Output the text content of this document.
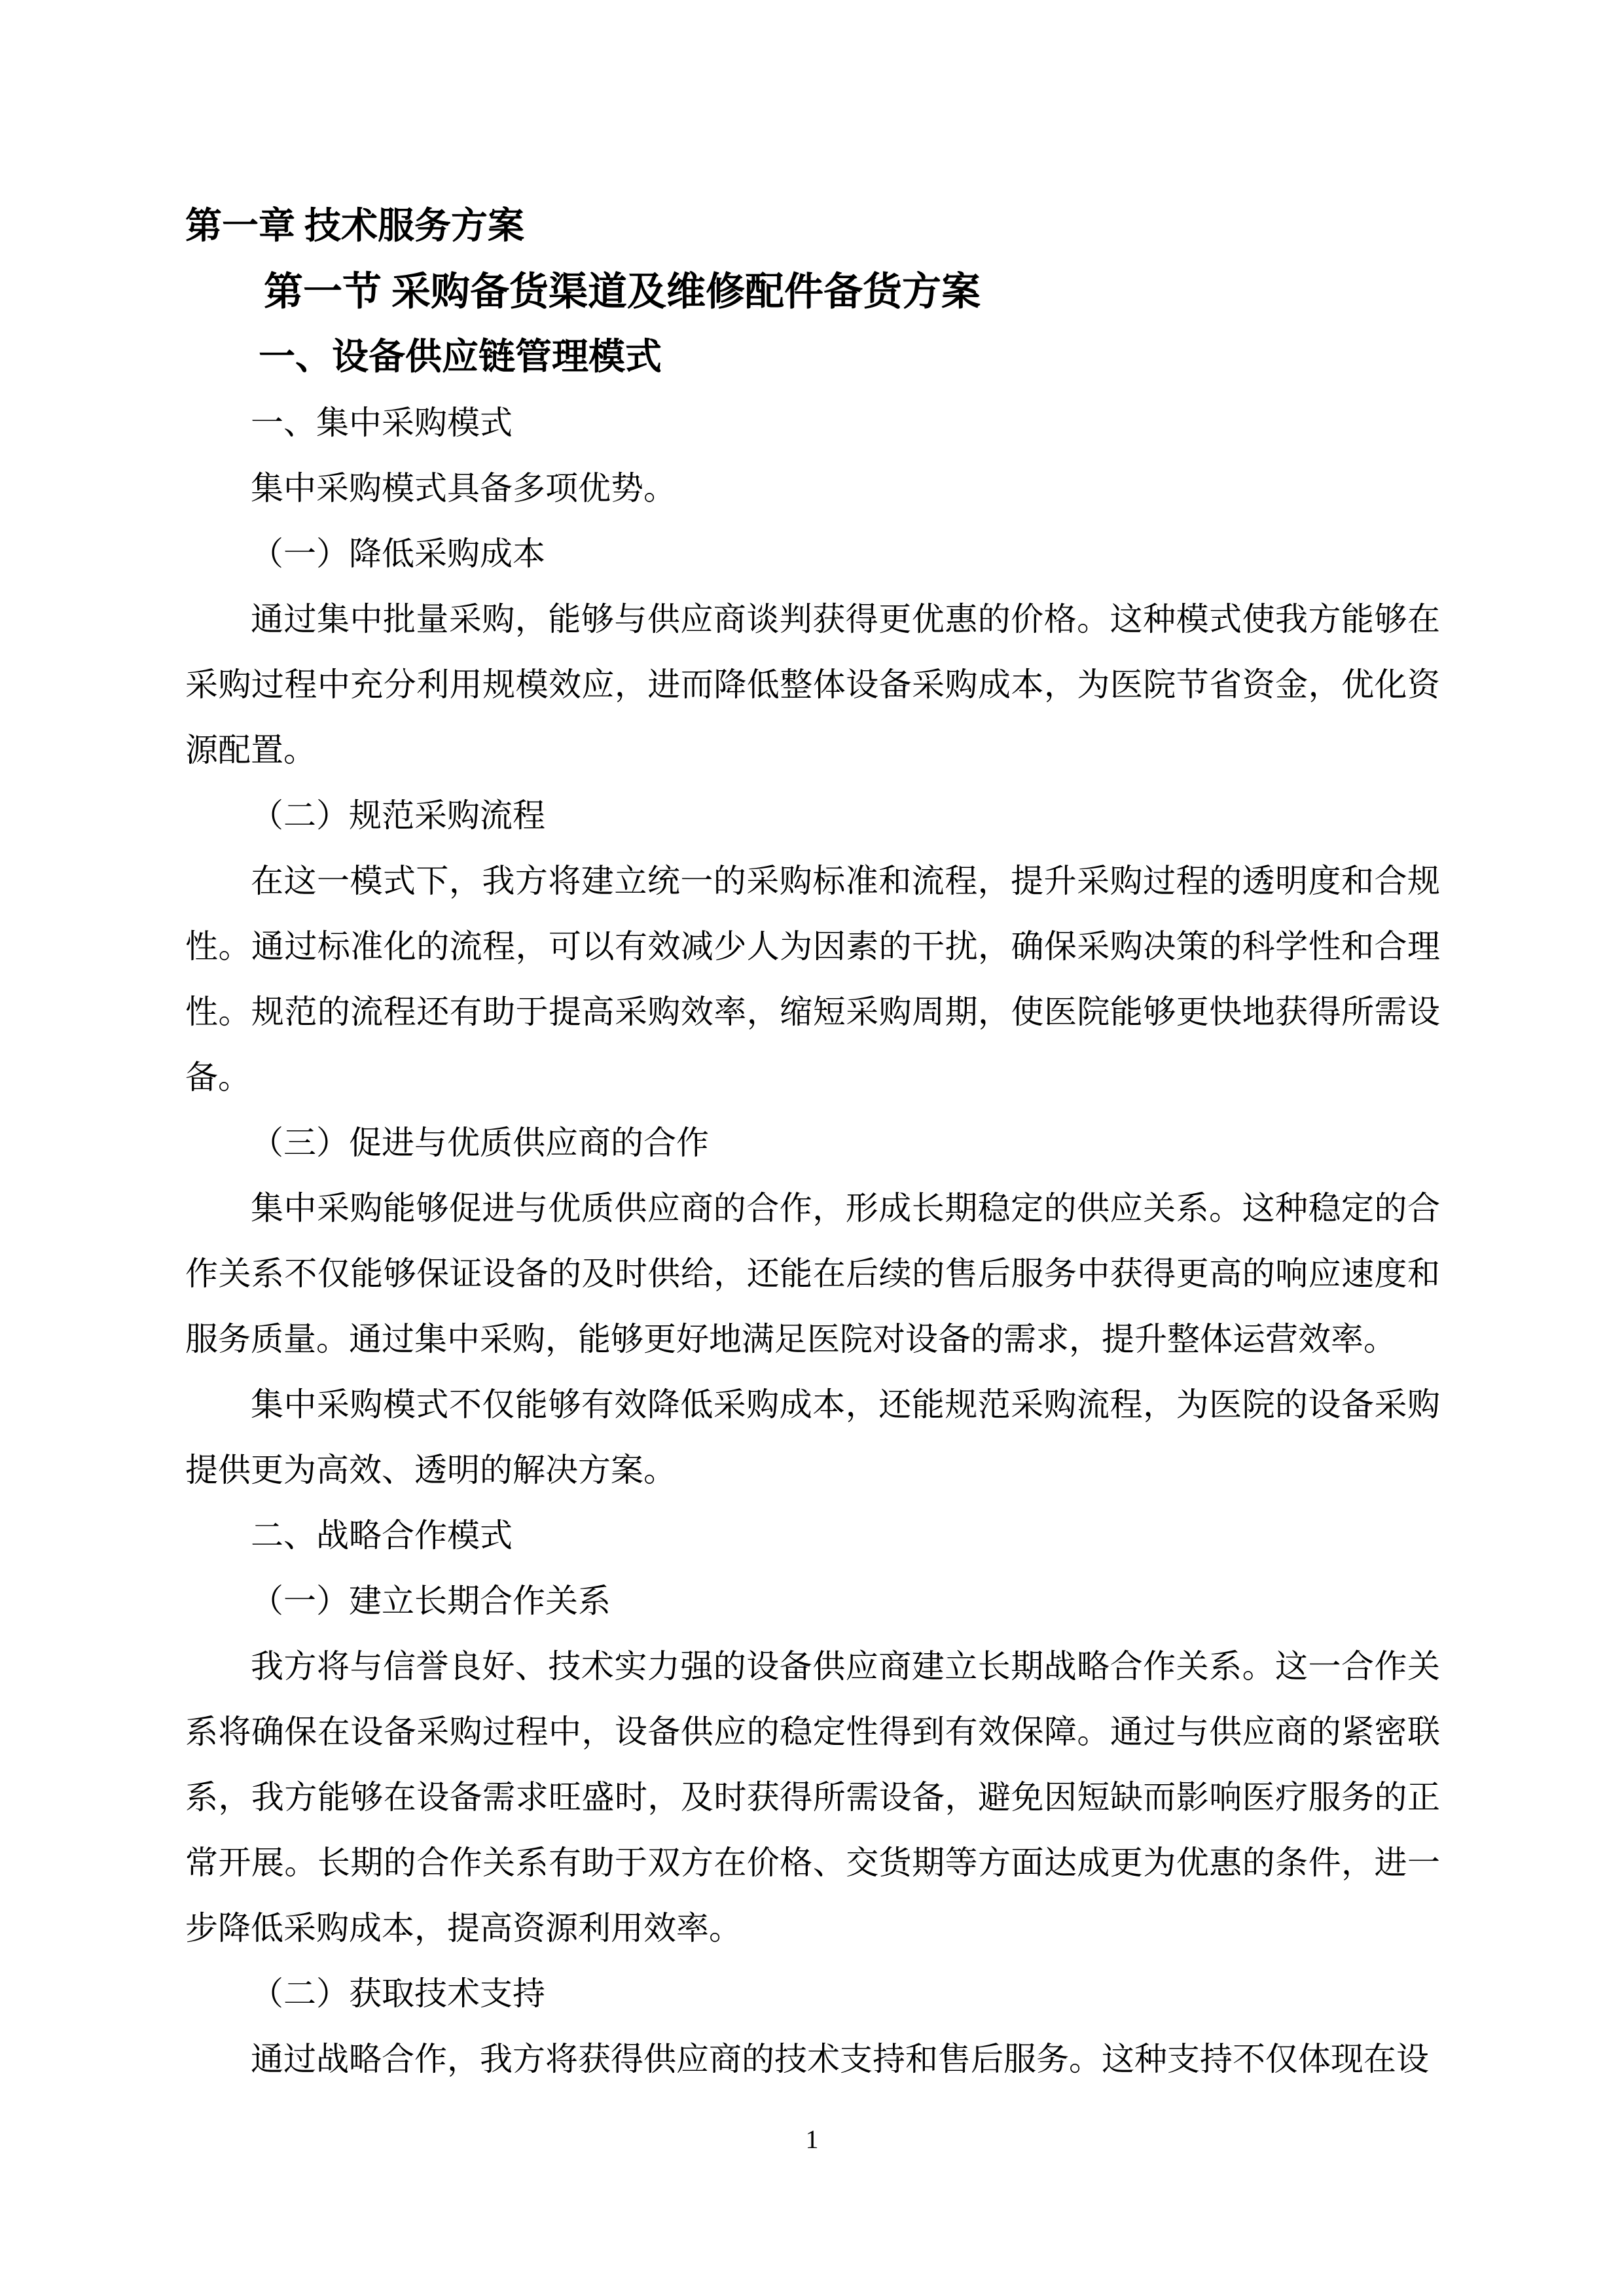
第一章 技术服务方案
第一节 采购备货渠道及维修配件备货方案
一、设备供应链管理模式
一、集中采购模式
集中采购模式具备多项优势。
（一）降低采购成本
通过集中批量采购，能够与供应商谈判获得更优惠的价格。这种模式使我方能够在采购过程中充分利用规模效应，进而降低整体设备采购成本，为医院节省资金，优化资源配置。
（二）规范采购流程
在这一模式下，我方将建立统一的采购标准和流程，提升采购过程的透明度和合规性。通过标准化的流程，可以有效减少人为因素的干扰，确保采购决策的科学性和合理性。规范的流程还有助于提高采购效率，缩短采购周期，使医院能够更快地获得所需设备。
（三）促进与优质供应商的合作
集中采购能够促进与优质供应商的合作，形成长期稳定的供应关系。这种稳定的合作关系不仅能够保证设备的及时供给，还能在后续的售后服务中获得更高的响应速度和服务质量。通过集中采购，能够更好地满足医院对设备的需求，提升整体运营效率。
集中采购模式不仅能够有效降低采购成本，还能规范采购流程，为医院的设备采购提供更为高效、透明的解决方案。
二、战略合作模式
（一）建立长期合作关系
我方将与信誉良好、技术实力强的设备供应商建立长期战略合作关系。这一合作关系将确保在设备采购过程中，设备供应的稳定性得到有效保障。通过与供应商的紧密联系，我方能够在设备需求旺盛时，及时获得所需设备，避免因短缺而影响医疗服务的正常开展。长期的合作关系有助于双方在价格、交货期等方面达成更为优惠的条件，进一步降低采购成本，提高资源利用效率。
（二）获取技术支持
通过战略合作，我方将获得供应商的技术支持和售后服务。这种支持不仅体现在设
1
